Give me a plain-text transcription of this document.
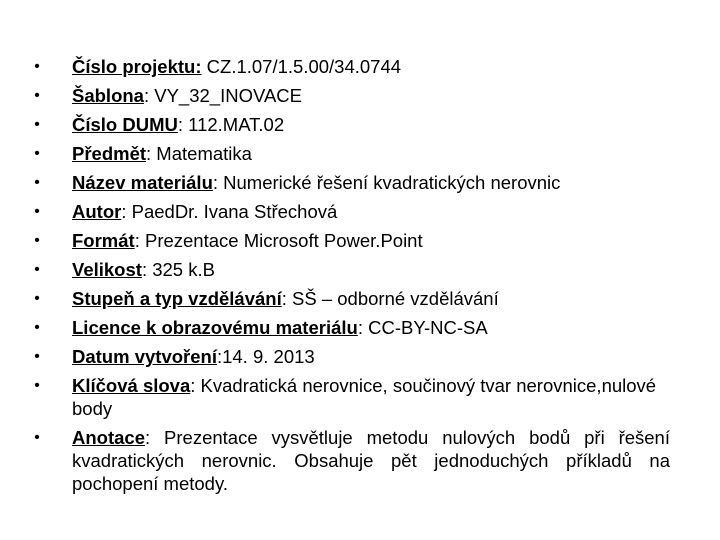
• Číslo projektu: CZ.1.07/1.5.00/34.0744
• Šablona: VY_32_INOVACE
• Číslo DUMU: 112.MAT.02
• Předmět: Matematika
• Název materiálu: Numerické řešení kvadratických nerovnic
• Autor: PaedDr. Ivana Střechová
• Formát: Prezentace Microsoft Power.Point
• Velikost: 325 k.B
• Stupeň a typ vzdělávání: SŠ – odborné vzdělávání
• Licence k obrazovému materiálu: CC-BY-NC-SA
• Datum vytvoření:14. 9. 2013
• Klíčová slova: Kvadratická nerovnice, součinový tvar nerovnice,nulové body
• Anotace: Prezentace vysvětluje metodu nulových bodů při řešení kvadratických nerovnic. Obsahuje pět jednoduchých příkladů na pochopení metody.
